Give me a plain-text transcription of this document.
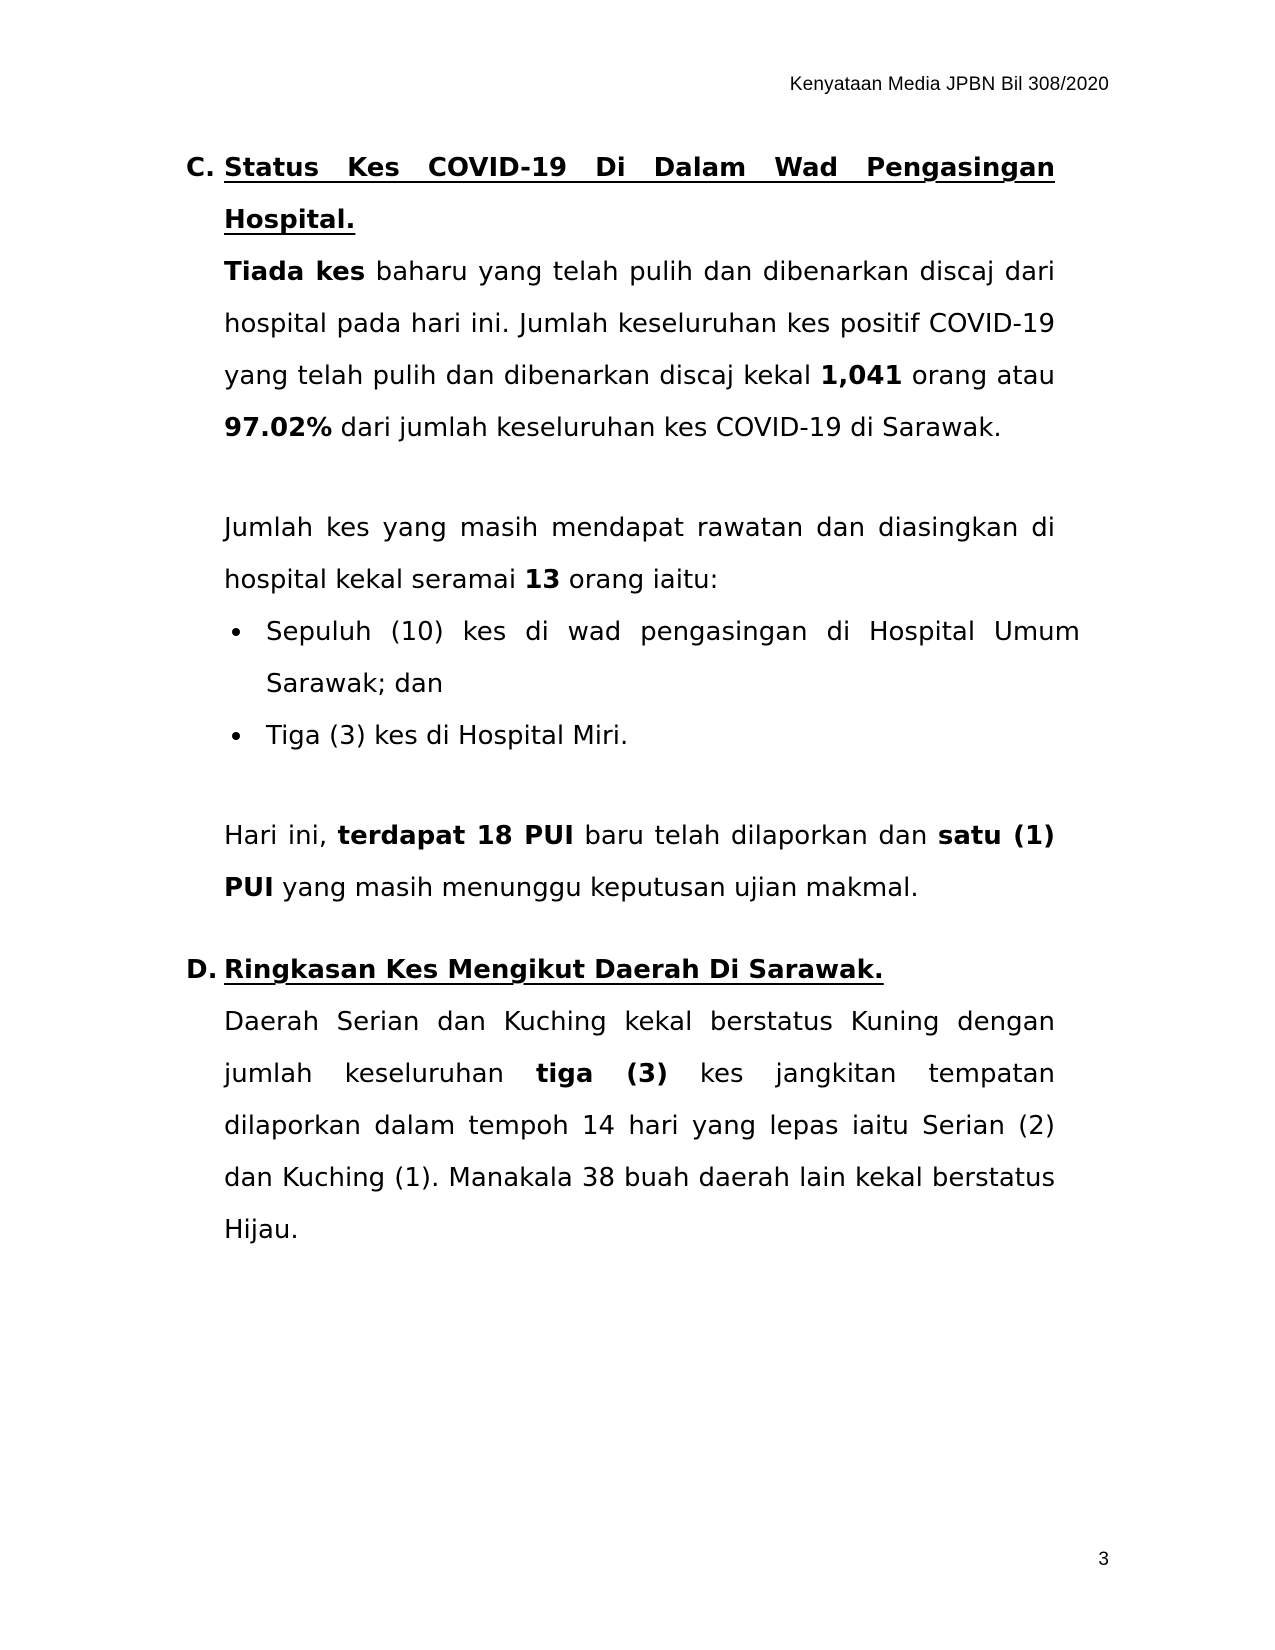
Kenyataan Media JPBN Bil 308/2020
C. Status Kes COVID-19 Di Dalam Wad Pengasingan Hospital.
Tiada kes baharu yang telah pulih dan dibenarkan discaj dari hospital pada hari ini. Jumlah keseluruhan kes positif COVID-19 yang telah pulih dan dibenarkan discaj kekal 1,041 orang atau 97.02% dari jumlah keseluruhan kes COVID-19 di Sarawak.
Jumlah kes yang masih mendapat rawatan dan diasingkan di hospital kekal seramai 13 orang iaitu:
Sepuluh (10) kes di wad pengasingan di Hospital Umum Sarawak; dan
Tiga (3) kes di Hospital Miri.
Hari ini, terdapat 18 PUI baru telah dilaporkan dan satu (1) PUI yang masih menunggu keputusan ujian makmal.
D. Ringkasan Kes Mengikut Daerah Di Sarawak.
Daerah Serian dan Kuching kekal berstatus Kuning dengan jumlah keseluruhan tiga (3) kes jangkitan tempatan dilaporkan dalam tempoh 14 hari yang lepas iaitu Serian (2) dan Kuching (1). Manakala 38 buah daerah lain kekal berstatus Hijau.
3
